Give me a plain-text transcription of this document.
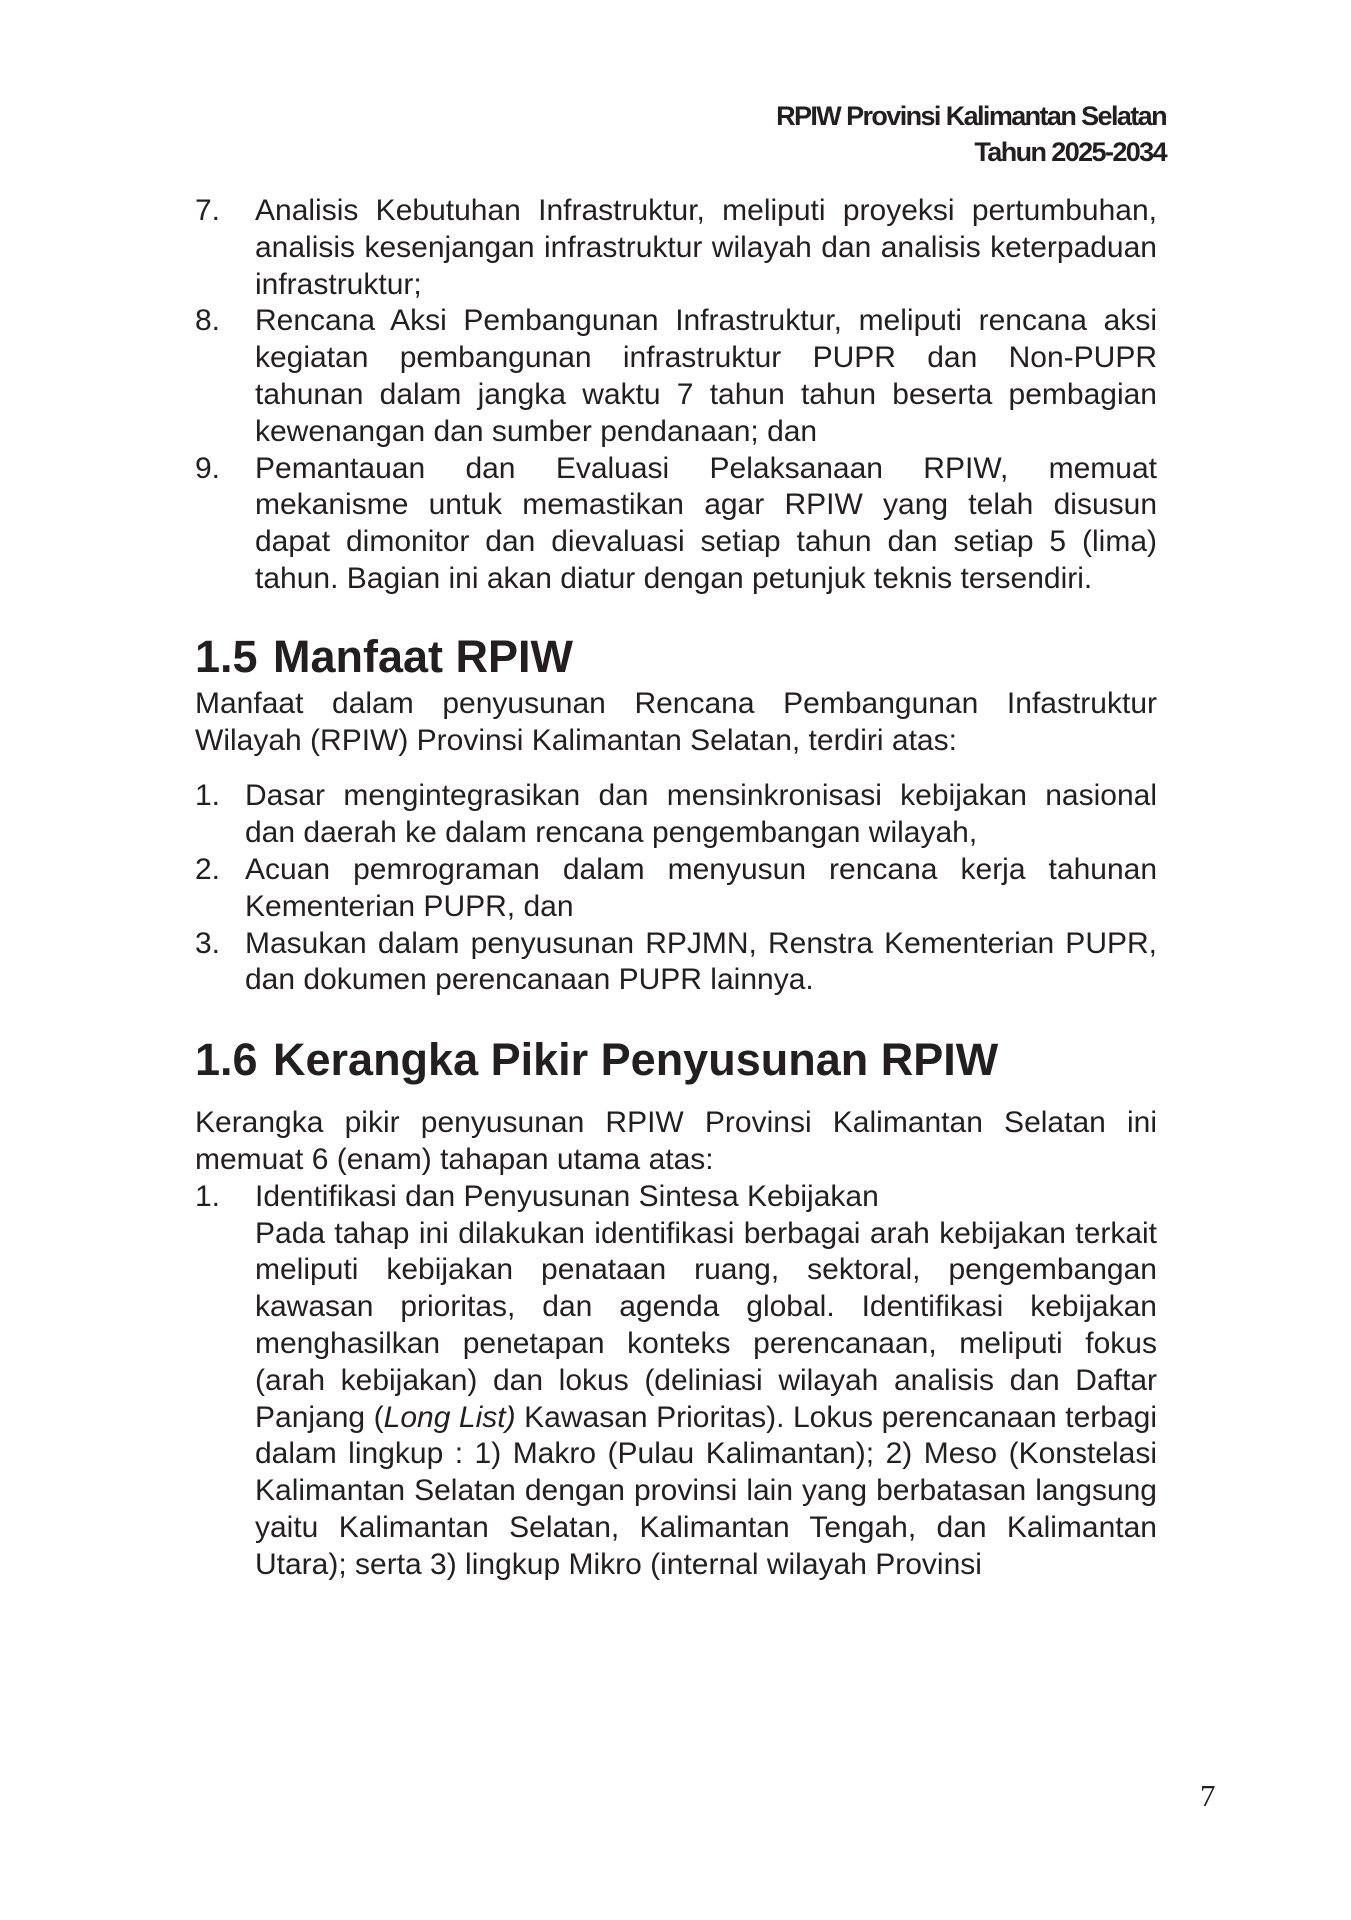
RPIW Provinsi Kalimantan Selatan
Tahun 2025-2034
7.	Analisis Kebutuhan Infrastruktur, meliputi proyeksi pertumbuhan, analisis kesenjangan infrastruktur wilayah dan analisis keterpaduan infrastruktur;
8.	Rencana Aksi Pembangunan Infrastruktur, meliputi rencana aksi kegiatan pembangunan infrastruktur PUPR dan Non-PUPR tahunan dalam jangka waktu 7 tahun tahun beserta pembagian kewenangan dan sumber pendanaan; dan
9.	Pemantauan dan Evaluasi Pelaksanaan RPIW, memuat mekanisme untuk memastikan agar RPIW yang telah disusun dapat dimonitor dan dievaluasi setiap tahun dan setiap 5 (lima) tahun. Bagian ini akan diatur dengan petunjuk teknis tersendiri.
1.5 Manfaat RPIW

Manfaat dalam penyusunan Rencana Pembangunan Infastruktur Wilayah (RPIW) Provinsi Kalimantan Selatan, terdiri atas:

1. Dasar mengintegrasikan dan mensinkronisasi kebijakan nasional dan daerah ke dalam rencana pengembangan wilayah,
2. Acuan pemrograman dalam menyusun rencana kerja tahunan Kementerian PUPR, dan
3. Masukan dalam penyusunan RPJMN, Renstra Kementerian PUPR, dan dokumen perencanaan PUPR lainnya.
1.6 Kerangka Pikir Penyusunan RPIW

Kerangka pikir penyusunan RPIW Provinsi Kalimantan Selatan ini memuat 6 (enam) tahapan utama atas:

1.	Identifikasi dan Penyusunan Sintesa Kebijakan
Pada tahap ini dilakukan identifikasi berbagai arah kebijakan terkait meliputi kebijakan penataan ruang, sektoral, pengembangan kawasan prioritas, dan agenda global. Identifikasi kebijakan menghasilkan penetapan konteks perencanaan, meliputi fokus (arah kebijakan) dan lokus (deliniasi wilayah analisis dan Daftar Panjang (Long List) Kawasan Prioritas). Lokus perencanaan terbagi dalam lingkup : 1) Makro (Pulau Kalimantan); 2) Meso (Konstelasi Kalimantan Selatan dengan provinsi lain yang berbatasan langsung yaitu Kalimantan Selatan, Kalimantan Tengah, dan Kalimantan Utara); serta 3) lingkup Mikro (internal wilayah Provinsi
7
